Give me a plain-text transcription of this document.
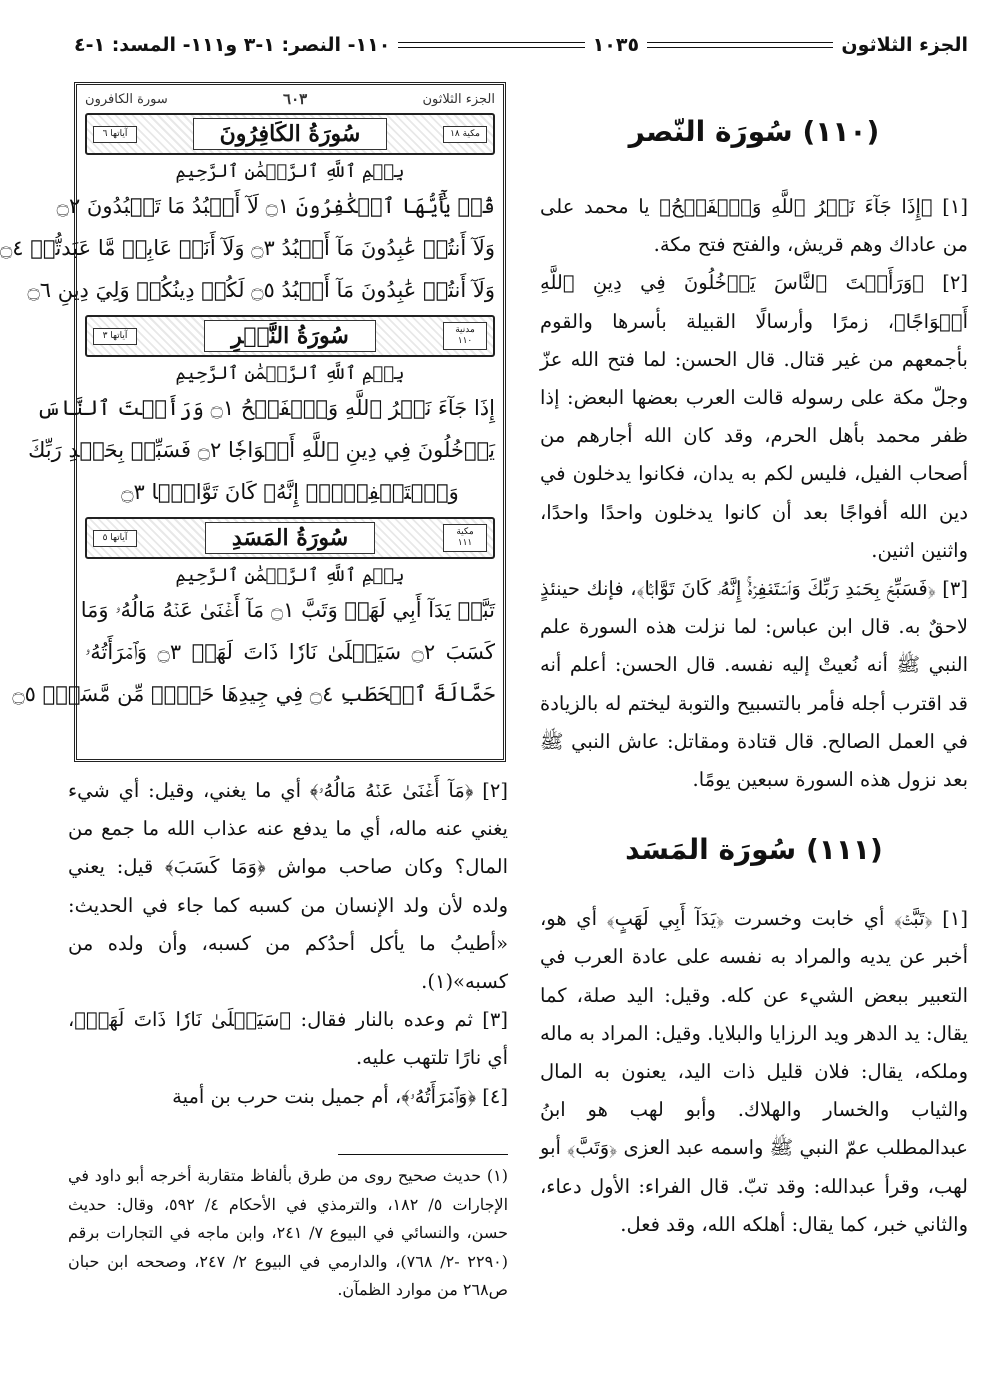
الجزء الثلاثون
١٠٣٥
١١٠- النصر: ١-٣ و١١١- المسد: ١-٤
(١١٠) سُورَة النّصر

[١] ﴿إِذَا جَآءَ نَصۡرُ ٱللَّهِ وَٱلۡفَتۡحُ﴾ يا محمد على من عاداك وهم قريش، والفتح فتح مكة.

[٢] ﴿وَرَأَيۡتَ ٱلنَّاسَ يَدۡخُلُونَ فِي دِينِ ٱللَّهِ أَفۡوَاجًا﴾، زمرًا وأرسالًا القبيلة بأسرها والقوم بأجمعهم من غير قتال. قال الحسن: لما فتح الله عزّ وجلّ مكة على رسوله قالت العرب بعضها البعض: إذا ظفر محمد بأهل الحرم، وقد كان الله أجارهم من أصحاب الفيل، فليس لكم به يدان، فكانوا يدخلون في دين الله أفواجًا بعد أن كانوا يدخلون واحدًا واحدًا، واثنين اثنين.

[٣] ﴿فَسَبِّحۡ بِحَمۡدِ رَبِّكَ وَٱسۡتَغۡفِرۡهُۚ إِنَّهُۥ كَانَ تَوَّابَۢا﴾، فإنك حينئذٍ لاحقٌ به. قال ابن عباس: لما نزلت هذه السورة علم النبي ﷺ أنه نُعيتْ إليه نفسه. قال الحسن: أعلم أنه قد اقترب أجله فأمر بالتسبيح والتوبة ليختم له بالزيادة في العمل الصالح. قال قتادة ومقاتل: عاش النبي ﷺ بعد نزول هذه السورة سبعين يومًا.

(١١١) سُورَة المَسَد

[١] ﴿تَبَّتۡ﴾ أي خابت وخسرت ﴿يَدَآ أَبِي لَهَبٍ﴾ أي هو، أخبر عن يديه والمراد به نفسه على عادة العرب في التعبير ببعض الشيء عن كله. وقيل: اليد صلة، كما يقال: يد الدهر ويد الرزايا والبلايا. وقيل: المراد به ماله وملكه، يقال: فلان قليل ذات اليد، يعنون به المال والثياب والخسار والهلاك. وأبو لهب هو ابنُ عبدالمطلب عمّ النبي ﷺ واسمه عبد العزى ﴿وَتَبَّ﴾ أبو لهب، وقرأ عبدالله: وقد تبّ. قال الفراء: الأول دعاء، والثاني خبر، كما يقال: أهلكه الله، وقد فعل.

الجزء الثلاثون
٦٠٣
سورة الكافرون
مكية ١٨
سُورَةُ الكَافِرُونَ
آياتها ٦
بِسۡمِ ٱللَّهِ ٱلرَّحۡمَٰنِ ٱلرَّحِيمِ
قُلۡ يَٰٓأَيُّهَا ٱلۡكَٰفِرُونَ ۝١ لَآ أَعۡبُدُ مَا تَعۡبُدُونَ ۝٢
وَلَآ أَنتُمۡ عَٰبِدُونَ مَآ أَعۡبُدُ ۝٣ وَلَآ أَنَا۠ عَابِدٞ مَّا عَبَدتُّمۡ ۝٤
وَلَآ أَنتُمۡ عَٰبِدُونَ مَآ أَعۡبُدُ ۝٥ لَكُمۡ دِينُكُمۡ وَلِيَ دِينِ ۝٦
مدنية ١١٠
سُورَةُ النَّصۡرِ
آياتها ٣
بِسۡمِ ٱللَّهِ ٱلرَّحۡمَٰنِ ٱلرَّحِيمِ
إِذَا جَآءَ نَصۡرُ ٱللَّهِ وَٱلۡفَتۡحُ ۝١ وَرَأَيۡتَ ٱلنَّاسَ
يَدۡخُلُونَ فِي دِينِ ٱللَّهِ أَفۡوَاجٗا ۝٢ فَسَبِّحۡ بِحَمۡدِ رَبِّكَ
وَٱسۡتَغۡفِرۡهُۚ إِنَّهُۥ كَانَ تَوَّابَۢا ۝٣
مكية ١١١
سُورَةُ المَسَدِ
آياتها ٥
بِسۡمِ ٱللَّهِ ٱلرَّحۡمَٰنِ ٱلرَّحِيمِ
تَبَّتۡ يَدَآ أَبِي لَهَبٖ وَتَبَّ ۝١ مَآ أَغۡنَىٰ عَنۡهُ مَالُهُۥ وَمَا
كَسَبَ ۝٢ سَيَصۡلَىٰ نَارٗا ذَاتَ لَهَبٖ ۝٣ وَٱمۡرَأَتُهُۥ
حَمَّالَةَ ٱلۡحَطَبِ ۝٤ فِي جِيدِهَا حَبۡلٞ مِّن مَّسَدِۭ ۝٥

[٢] ﴿مَآ أَغۡنَىٰ عَنۡهُ مَالُهُۥ﴾ أي ما يغني، وقيل: أي شيء يغني عنه ماله، أي ما يدفع عنه عذاب الله ما جمع من المال؟ وكان صاحب مواش ﴿وَمَا كَسَبَ﴾ قيل: يعني ولده لأن ولد الإنسان من كسبه كما جاء في الحديث: «أطيبُ ما يأكل أحدُكم من كسبه، وأن ولده من كسبه»(١).

[٣] ثم وعده بالنار فقال: ﴿سَيَصۡلَىٰ نَارٗا ذَاتَ لَهَبٖ﴾، أي نارًا تلتهب عليه.

[٤] ﴿وَٱمۡرَأَتُهُۥ﴾، أم جميل بنت حرب بن أمية

(١) حديث صحيح روى من طرق بألفاظ متقاربة أخرجه أبو داود في الإجارات ٥/ ١٨٢، والترمذي في الأحكام ٤/ ٥٩٢، وقال: حديث حسن، والنسائي في البيوع ٧/ ٢٤١، وابن ماجه في التجارات برقم (٢٢٩٠ -٢/ ٧٦٨)، والدارمي في البيوع ٢/ ٢٤٧، وصححه ابن حبان ص٢٦٨ من موارد الظمآن.
